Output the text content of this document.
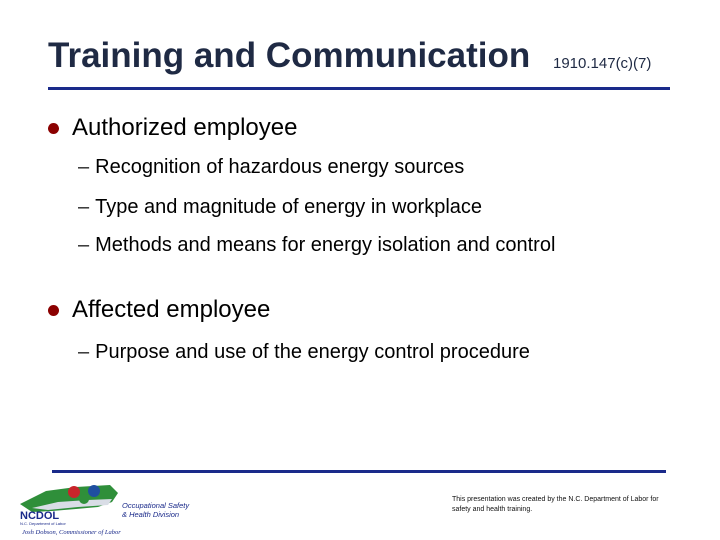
Training and Communication 1910.147(c)(7)
Authorized employee
– Recognition of hazardous energy sources
– Type and magnitude of energy in workplace
– Methods and means for energy isolation and control
Affected employee
– Purpose and use of the energy control procedure
NCDOL
N.C. Department of Labor
Occupational Safety
& Health Division
Josh Dobson, Commissioner of Labor
This presentation was created by the N.C. Department of Labor for safety and health training.
